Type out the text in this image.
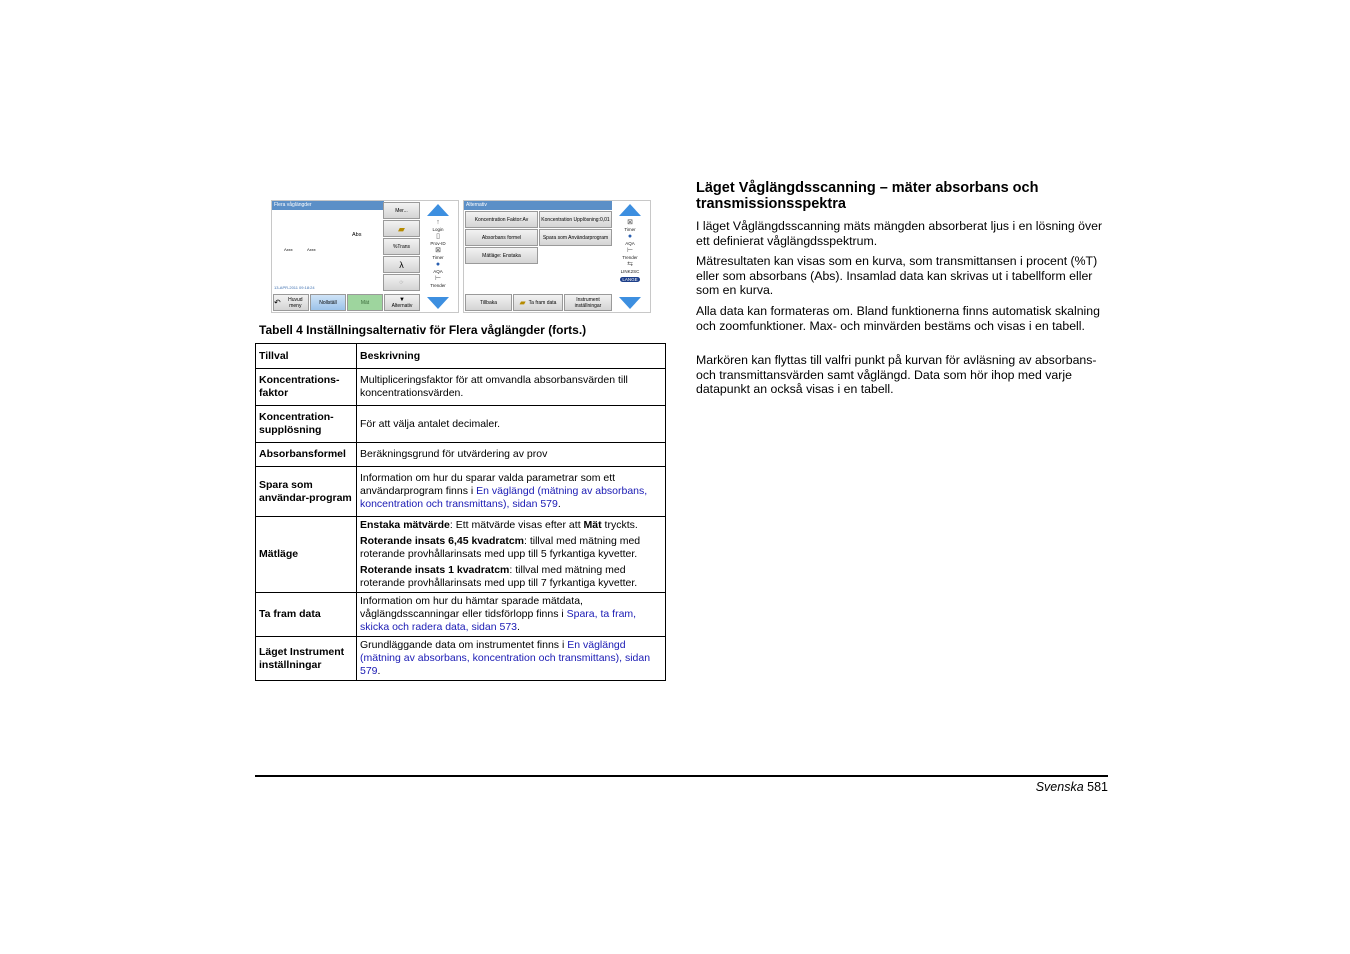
Flera våglängder
Abs
Λxxx	Λxxx
13-APR-2011 09:18:24
Mer...
▰
%Trans
λ
⟳
↑
Login
▯
Prov-ID
⊠
Timer
●
AQA
⊢
Trender
↶	Huvud meny	Nollställ	Mät	▼
Alternativ
Alternativ
Koncentration Faktor:Av	Koncentration Upplösning:0,01
Absorbans formel	Spara som Användarprogram
Mätläge: Enstaka
⊠
Timer
●
AQA
⊢
Trender
⇆
LINK2SC
LANGE
Tillbaka	▰ Ta fram data	Instrument inställningar
Tabell 4 Inställningsalternativ för Flera våglängder (forts.)
Tillval	Beskrivning
Koncentrations-faktor	Multipliceringsfaktor för att omvandla absorbansvärden till koncentrationsvärden.
Koncentration-supplösning	För att välja antalet decimaler.
Absorbansformel	Beräkningsgrund för utvärdering av prov
Spara som användar-program	Information om hur du sparar valda parametrar som ett användarprogram finns i En väglängd (mätning av absorbans, koncentration och transmittans), sidan 579.
Mätläge	Enstaka mätvärde: Ett mätvärde visas efter att Mät tryckts.
Roterande insats 6,45 kvadratcm: tillval med mätning med roterande provhållarinsats med upp till 5 fyrkantiga kyvetter.
Roterande insats 1 kvadratcm: tillval med mätning med roterande provhållarinsats med upp till 7 fyrkantiga kyvetter.

Ta fram data	Information om hur du hämtar sparade mätdata, våglängdsscanningar eller tidsförlopp finns i Spara, ta fram, skicka och radera data, sidan 573.
Läget Instrument inställningar	Grundläggande data om instrumentet finns i En väglängd (mätning av absorbans, koncentration och transmittans), sidan 579.
Läget Våglängdsscanning – mäter absorbans och transmissionsspektra

I läget Våglängdsscanning mäts mängden absorberat ljus i en lösning över ett definierat våglängdsspektrum.

Mätresultaten kan visas som en kurva, som transmittansen i procent (%T) eller som absorbans (Abs). Insamlad data kan skrivas ut i tabellform eller som en kurva.

Alla data kan formateras om. Bland funktionerna finns automatisk skalning och zoomfunktioner. Max- och minvärden bestäms och visas i en tabell.

Markören kan flyttas till valfri punkt på kurvan för avläsning av absorbans- och transmittansvärden samt våglängd. Data som hör ihop med varje datapunkt an också visas i en tabell.

Svenska 581
